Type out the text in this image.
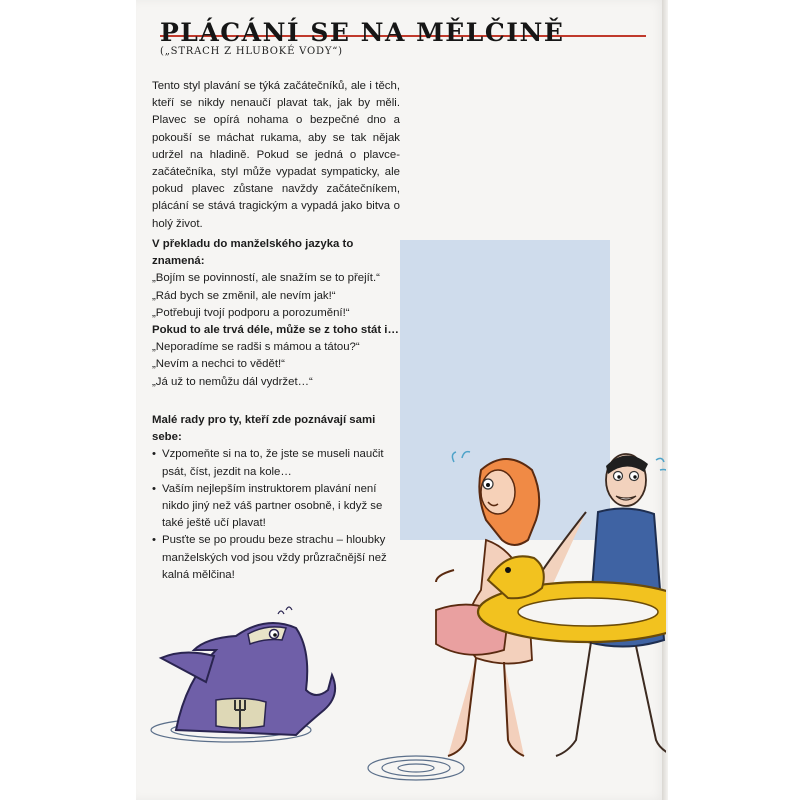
PLÁCÁNÍ SE NA MĚLČINĚ
(„STRACH Z HLUBOKÉ VODY“)
Tento styl plavání se týká začátečníků, ale i těch, kteří se nikdy nenaučí plavat tak, jak by měli. Plavec se opírá nohama o bezpečné dno a pokouší se máchat rukama, aby se tak nějak udržel na hladině. Pokud se jedná o plavce-začátečníka, styl může vypadat sympaticky, ale pokud plavec zůstane navždy začátečníkem, plácání se stává tragickým a vypadá jako bitva o holý život.
V překladu do manželského jazyka to znamená:
„Bojím se povinností, ale snažím se to přejít.“
„Rád bych se změnil, ale nevím jak!“
„Potřebuji tvojí podporu a porozumění!“
Pokud to ale trvá déle, může se z toho stát i…
„Neporadíme se radši s mámou a tátou?“
„Nevím a nechci to vědět!“
„Já už to nemůžu dál vydržet…“
Malé rady pro ty, kteří zde poznávají sami sebe:
• Vzpomeňte si na to, že jste se museli naučit psát, číst, jezdit na kole…
• Vaším nejlepším instruktorem plavání není nikdo jiný než váš partner osobně, i když se také ještě učí plavat!
• Pusťte se po proudu beze strachu – hloubky manželských vod jsou vždy průzračnější než kalná mělčina!
